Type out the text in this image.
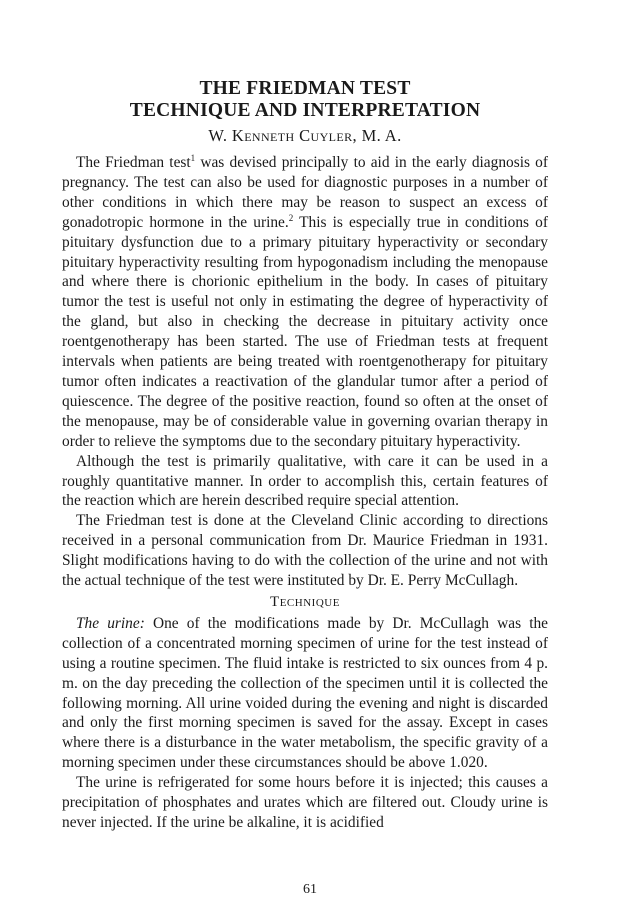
THE FRIEDMAN TEST
TECHNIQUE AND INTERPRETATION
W. Kenneth Cuyler, M. A.

The Friedman test$^1$ was devised principally to aid in the early diagnosis of pregnancy. The test can also be used for diagnostic purposes in a number of other conditions in which there may be reason to suspect an excess of gonadotropic hormone in the urine.$^2$ This is especially true in conditions of pituitary dysfunction due to a primary pituitary hyperactivity or secondary pituitary hyperactivity resulting from hypogonadism including the menopause and where there is chorionic epithelium in the body. In cases of pituitary tumor the test is useful not only in estimating the degree of hyperactivity of the gland, but also in checking the decrease in pituitary activity once roentgenotherapy has been started. The use of Friedman tests at frequent intervals when patients are being treated with roentgenotherapy for pituitary tumor often indicates a reactivation of the glandular tumor after a period of quiescence. The degree of the positive reaction, found so often at the onset of the menopause, may be of considerable value in governing ovarian therapy in order to relieve the symptoms due to the secondary pituitary hyperactivity.

Although the test is primarily qualitative, with care it can be used in a roughly quantitative manner. In order to accomplish this, certain features of the reaction which are herein described require special attention.

The Friedman test is done at the Cleveland Clinic according to directions received in a personal communication from Dr. Maurice Friedman in 1931. Slight modifications having to do with the collection of the urine and not with the actual technique of the test were instituted by Dr. E. Perry McCullagh.

Technique

The urine: One of the modifications made by Dr. McCullagh was the collection of a concentrated morning specimen of urine for the test instead of using a routine specimen. The fluid intake is restricted to six ounces from 4 p. m. on the day preceding the collection of the specimen until it is collected the following morning. All urine voided during the evening and night is discarded and only the first morning specimen is saved for the assay. Except in cases where there is a disturbance in the water metabolism, the specific gravity of a morning specimen under these circumstances should be above 1.020.

The urine is refrigerated for some hours before it is injected; this causes a precipitation of phosphates and urates which are filtered out. Cloudy urine is never injected. If the urine be alkaline, it is acidified

61
